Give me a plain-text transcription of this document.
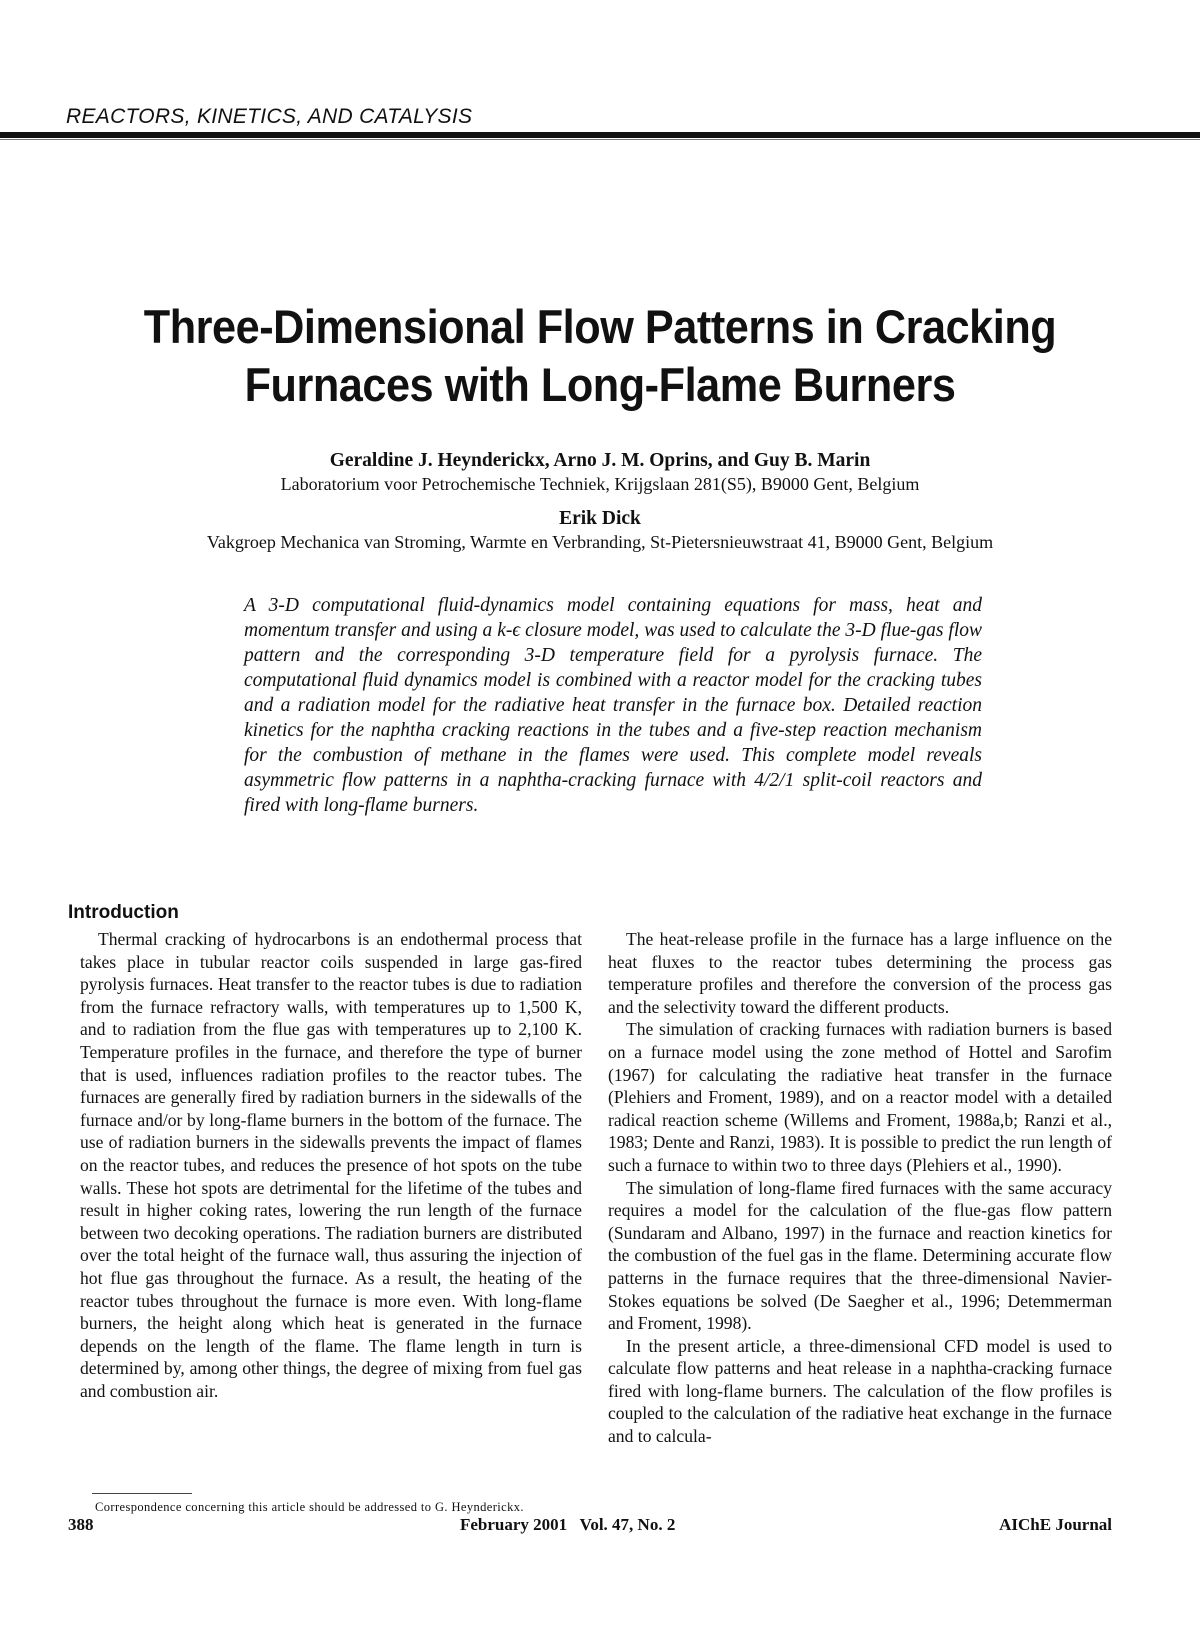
REACTORS, KINETICS, AND CATALYSIS
Three-Dimensional Flow Patterns in Cracking Furnaces with Long-Flame Burners
Geraldine J. Heynderickx, Arno J. M. Oprins, and Guy B. Marin
Laboratorium voor Petrochemische Techniek, Krijgslaan 281(S5), B9000 Gent, Belgium
Erik Dick
Vakgroep Mechanica van Stroming, Warmte en Verbranding, St-Pietersnieuwstraat 41, B9000 Gent, Belgium

A 3-D computational fluid-dynamics model containing equations for mass, heat and momentum transfer and using a k-ϵ closure model, was used to calculate the 3-D flue-gas flow pattern and the corresponding 3-D temperature field for a pyrolysis furnace. The computational fluid dynamics model is combined with a reactor model for the cracking tubes and a radiation model for the radiative heat transfer in the furnace box. Detailed reaction kinetics for the naphtha cracking reactions in the tubes and a five-step reaction mechanism for the combustion of methane in the flames were used. This complete model reveals asymmetric flow patterns in a naphtha-cracking furnace with 4/2/1 split-coil reactors and fired with long-flame burners.

Introduction

Thermal cracking of hydrocarbons is an endothermal process that takes place in tubular reactor coils suspended in large gas-fired pyrolysis furnaces. Heat transfer to the reactor tubes is due to radiation from the furnace refractory walls, with temperatures up to 1,500 K, and to radiation from the flue gas with temperatures up to 2,100 K. Temperature profiles in the furnace, and therefore the type of burner that is used, influences radiation profiles to the reactor tubes. The furnaces are generally fired by radiation burners in the sidewalls of the furnace and/or by long-flame burners in the bottom of the furnace. The use of radiation burners in the sidewalls prevents the impact of flames on the reactor tubes, and reduces the presence of hot spots on the tube walls. These hot spots are detrimental for the lifetime of the tubes and result in higher coking rates, lowering the run length of the furnace between two decoking operations. The radiation burners are distributed over the total height of the furnace wall, thus assuring the injection of hot flue gas throughout the furnace. As a result, the heating of the reactor tubes throughout the furnace is more even. With long-flame burners, the height along which heat is generated in the furnace depends on the length of the flame. The flame length in turn is determined by, among other things, the degree of mixing from fuel gas and combustion air.

The heat-release profile in the furnace has a large influence on the heat fluxes to the reactor tubes determining the process gas temperature profiles and therefore the conversion of the process gas and the selectivity toward the different products.

The simulation of cracking furnaces with radiation burners is based on a furnace model using the zone method of Hottel and Sarofim (1967) for calculating the radiative heat transfer in the furnace (Plehiers and Froment, 1989), and on a reactor model with a detailed radical reaction scheme (Willems and Froment, 1988a,b; Ranzi et al., 1983; Dente and Ranzi, 1983). It is possible to predict the run length of such a furnace to within two to three days (Plehiers et al., 1990).

The simulation of long-flame fired furnaces with the same accuracy requires a model for the calculation of the flue-gas flow pattern (Sundaram and Albano, 1997) in the furnace and reaction kinetics for the combustion of the fuel gas in the flame. Determining accurate flow patterns in the furnace requires that the three-dimensional Navier-Stokes equations be solved (De Saegher et al., 1996; Detemmerman and Froment, 1998).

In the present article, a three-dimensional CFD model is used to calculate flow patterns and heat release in a naphtha-cracking furnace fired with long-flame burners. The calculation of the flow profiles is coupled to the calculation of the radiative heat exchange in the furnace and to calcula-

Correspondence concerning this article should be addressed to G. Heynderickx.
388	February 2001   Vol. 47, No. 2	AIChE Journal
